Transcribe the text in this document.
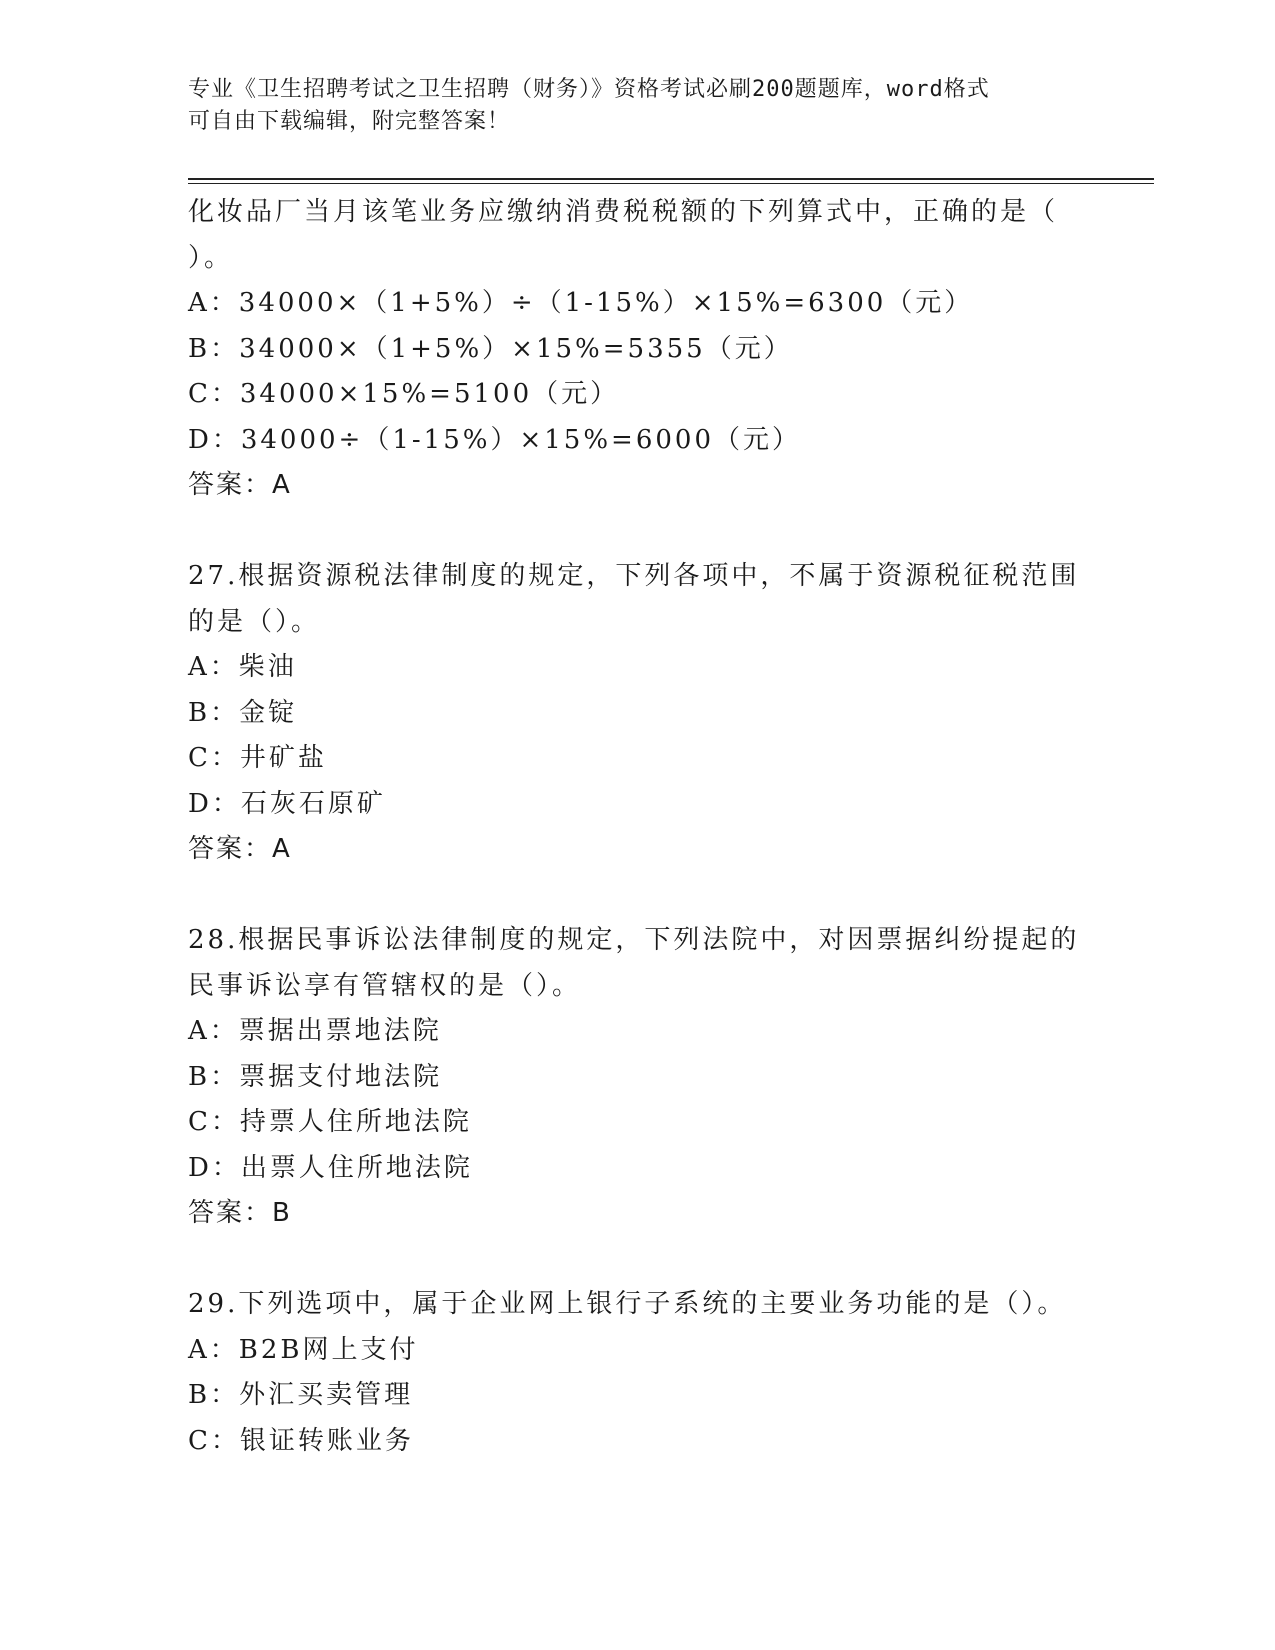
专业《卫生招聘考试之卫生招聘（财务）》资格考试必刷200题题库，word格式
可自由下载编辑，附完整答案！
化妆品厂当月该笔业务应缴纳消费税税额的下列算式中，正确的是（
）。
A：34000×（1+5%）÷（1-15%）×15%=6300（元）
B：34000×（1+5%）×15%=5355（元）
C：34000×15%=5100（元）
D：34000÷（1-15%）×15%=6000（元）
答案：A
27.根据资源税法律制度的规定，下列各项中，不属于资源税征税范围
的是（）。
A：柴油
B：金锭
C：井矿盐
D：石灰石原矿
答案：A
28.根据民事诉讼法律制度的规定，下列法院中，对因票据纠纷提起的
民事诉讼享有管辖权的是（）。
A：票据出票地法院
B：票据支付地法院
C：持票人住所地法院
D：出票人住所地法院
答案：B
29.下列选项中，属于企业网上银行子系统的主要业务功能的是（）。
A：B2B网上支付
B：外汇买卖管理
C：银证转账业务
